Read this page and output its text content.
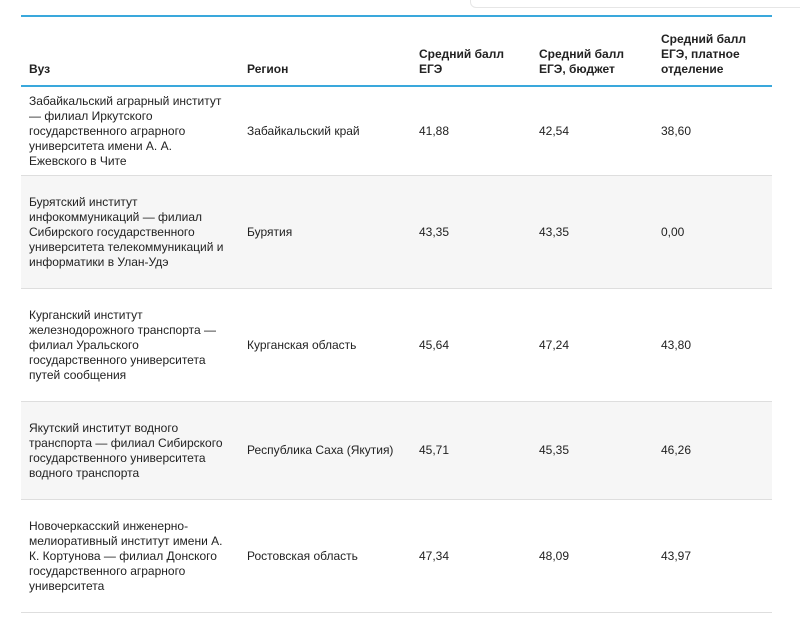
Вуз	Регион	Средний балл ЕГЭ	Средний балл ЕГЭ, бюджет	Средний балл ЕГЭ, платное отделение
Забайкальский аграрный институт — филиал Иркутского государственного аграрного университета имени А. А. Ежевского в Чите	Забайкальский край	41,88	42,54	38,60
Бурятский институт инфокоммуникаций — филиал Сибирского государственного университета телекоммуникаций и информатики в Улан-Удэ	Бурятия	43,35	43,35	0,00
Курганский институт железнодорожного транспорта — филиал Уральского государственного университета путей сообщения	Курганская область	45,64	47,24	43,80
Якутский институт водного транспорта — филиал Сибирского государственного университета водного транспорта	Республика Саха (Якутия)	45,71	45,35	46,26
Новочеркасский инженерно-мелиоративный институт имени А. К. Кортунова — филиал Донского государственного аграрного университета	Ростовская область	47,34	48,09	43,97
